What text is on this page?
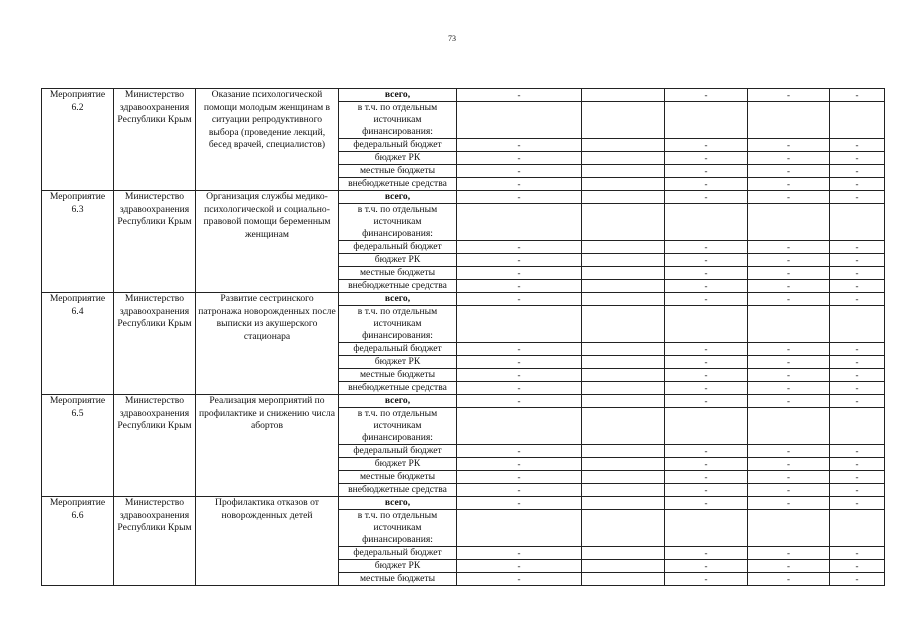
73
Мероприятие 6.2	Министерство здравоохранения Республики Крым	Оказание психологической помощи молодым женщинам в ситуации репродуктивного выбора (проведение лекций, бесед врачей, специалистов)	всего,	-		-	-	-
			в т.ч. по отдельным источникам финансирования:					
			федеральный бюджет	-		-	-	-
			бюджет РК	-		-	-	-
			местные бюджеты	-		-	-	-
			внебюджетные средства	-		-	-	-
Мероприятие 6.3	Министерство здравоохранения Республики Крым	Организация службы медико-психологической и социально-правовой помощи беременным женщинам	всего,	-		-	-	-
			в т.ч. по отдельным источникам финансирования:					
			федеральный бюджет	-		-	-	-
			бюджет РК	-		-	-	-
			местные бюджеты	-		-	-	-
			внебюджетные средства	-		-	-	-
Мероприятие 6.4	Министерство здравоохранения Республики Крым	Развитие сестринского патронажа новорожденных после выписки из акушерского стационара	всего,	-		-	-	-
			в т.ч. по отдельным источникам финансирования:					
			федеральный бюджет	-		-	-	-
			бюджет РК	-		-	-	-
			местные бюджеты	-		-	-	-
			внебюджетные средства	-		-	-	-
Мероприятие 6.5	Министерство здравоохранения Республики Крым	Реализация мероприятий по профилактике и снижению числа абортов	всего,	-		-	-	-
			в т.ч. по отдельным источникам финансирования:					
			федеральный бюджет	-		-	-	-
			бюджет РК	-		-	-	-
			местные бюджеты	-		-	-	-
			внебюджетные средства	-		-	-	-
Мероприятие 6.6	Министерство здравоохранения Республики Крым	Профилактика отказов от новорожденных детей	всего,	-		-	-	-
			в т.ч. по отдельным источникам финансирования:					
			федеральный бюджет	-		-	-	-
			бюджет РК	-		-	-	-
			местные бюджеты	-		-	-	-
